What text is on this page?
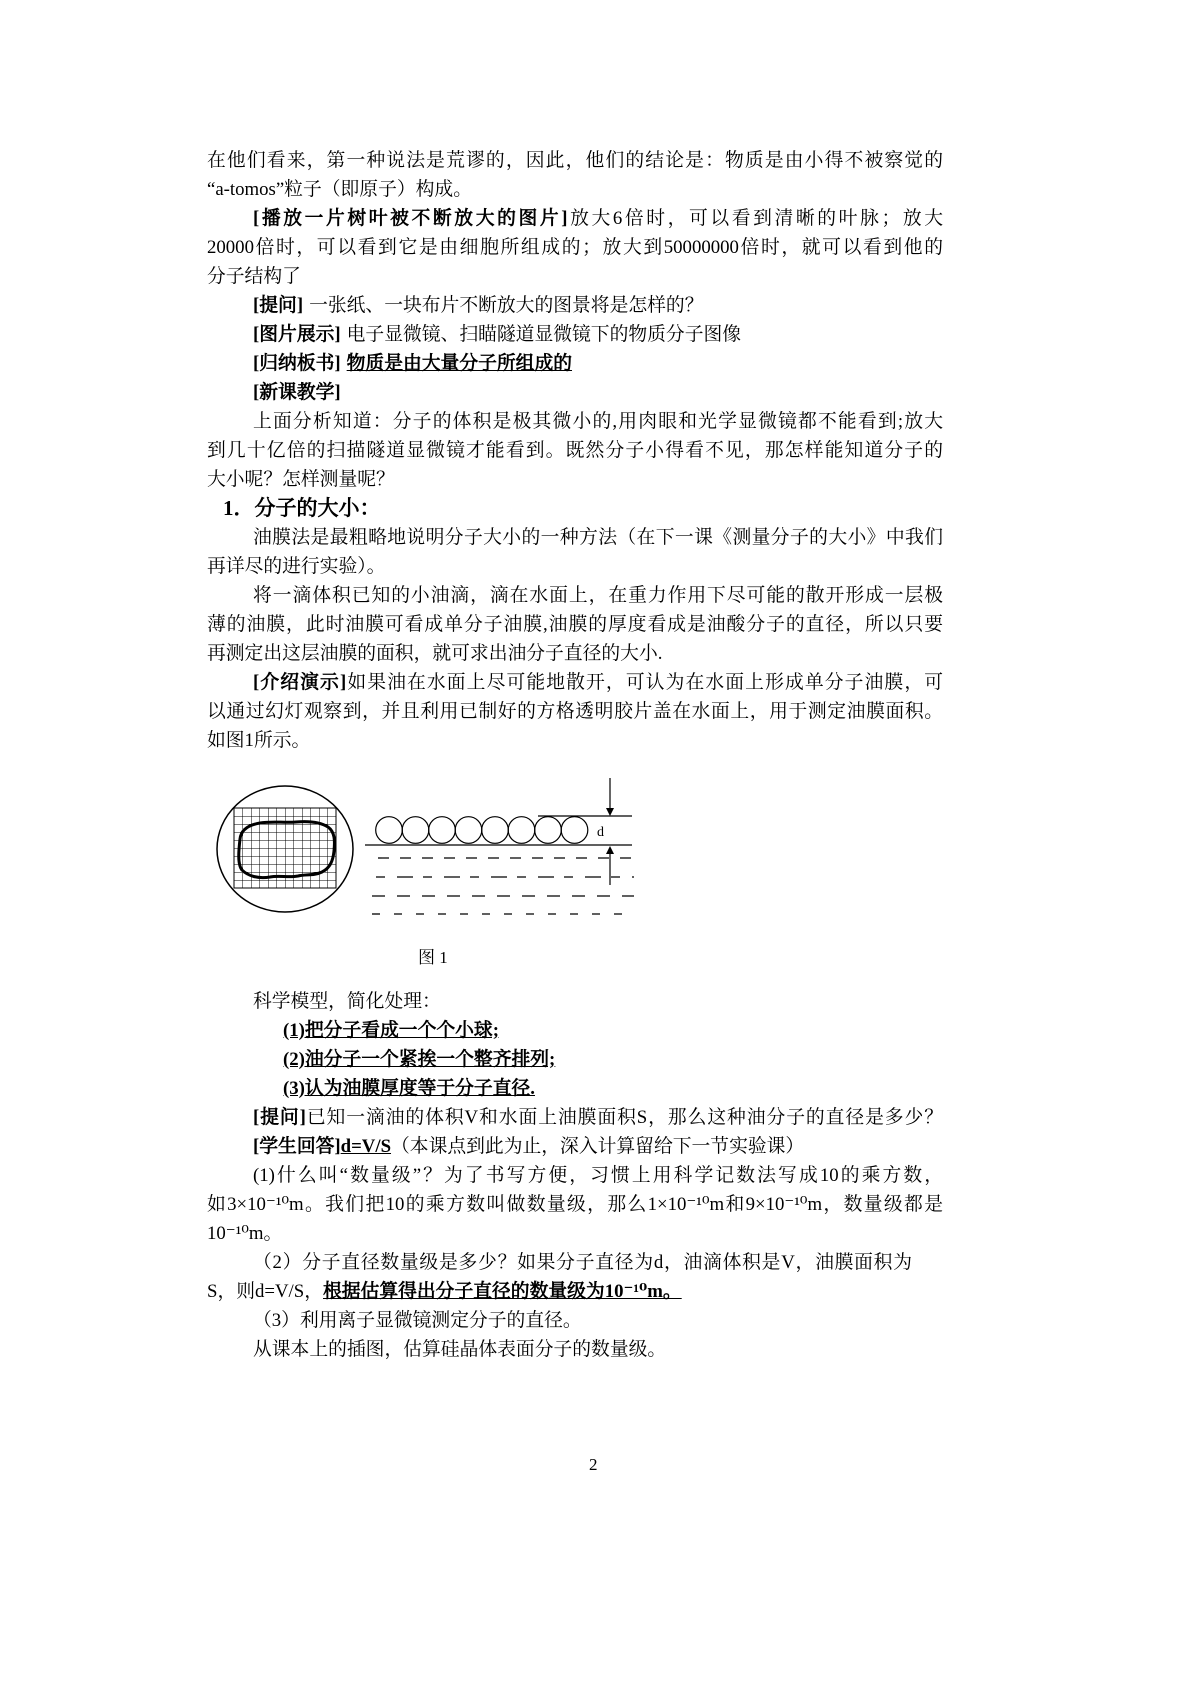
在他们看来，第一种说法是荒谬的，因此，他们的结论是：物质是由小得不被察觉的
“a-tomos”粒子（即原子）构成。
[播放一片树叶被不断放大的图片]放大6倍时，可以看到清晰的叶脉；放大
20000倍时，可以看到它是由细胞所组成的；放大到50000000倍时，就可以看到他的
分子结构了
[提问] 一张纸、一块布片不断放大的图景将是怎样的？
[图片展示] 电子显微镜、扫瞄隧道显微镜下的物质分子图像
[归纳板书] 物质是由大量分子所组成的
[新课教学]
上面分析知道：分子的体积是极其微小的,用肉眼和光学显微镜都不能看到;放大
到几十亿倍的扫描隧道显微镜才能看到。既然分子小得看不见，那怎样能知道分子的
大小呢？怎样测量呢？
1．分子的大小：
油膜法是最粗略地说明分子大小的一种方法（在下一课《测量分子的大小》中我们
再详尽的进行实验）。
将一滴体积已知的小油滴，滴在水面上，在重力作用下尽可能的散开形成一层极
薄的油膜，此时油膜可看成单分子油膜,油膜的厚度看成是油酸分子的直径，所以只要
再测定出这层油膜的面积，就可求出油分子直径的大小.
[介绍演示]如果油在水面上尽可能地散开，可认为在水面上形成单分子油膜，可
以通过幻灯观察到，并且利用已制好的方格透明胶片盖在水面上，用于测定油膜面积。
如图1所示。
d
图 1
科学模型，简化处理：
(1)把分子看成一个个小球;
(2)油分子一个紧挨一个整齐排列;
(3)认为油膜厚度等于分子直径.
[提问]已知一滴油的体积V和水面上油膜面积S，那么这种油分子的直径是多少？
[学生回答]d=V/S（本课点到此为止，深入计算留给下一节实验课）
(1)什么叫“数量级”？为了书写方便，习惯上用科学记数法写成10的乘方数，
如3×10⁻¹⁰m。我们把10的乘方数叫做数量级，那么1×10⁻¹⁰m和9×10⁻¹⁰m，数量级都是
10⁻¹⁰m。
（2）分子直径数量级是多少？如果分子直径为d，油滴体积是V，油膜面积为
S，则d=V/S，根据估算得出分子直径的数量级为10⁻¹⁰m。
（3）利用离子显微镜测定分子的直径。
从课本上的插图，估算硅晶体表面分子的数量级。
2
